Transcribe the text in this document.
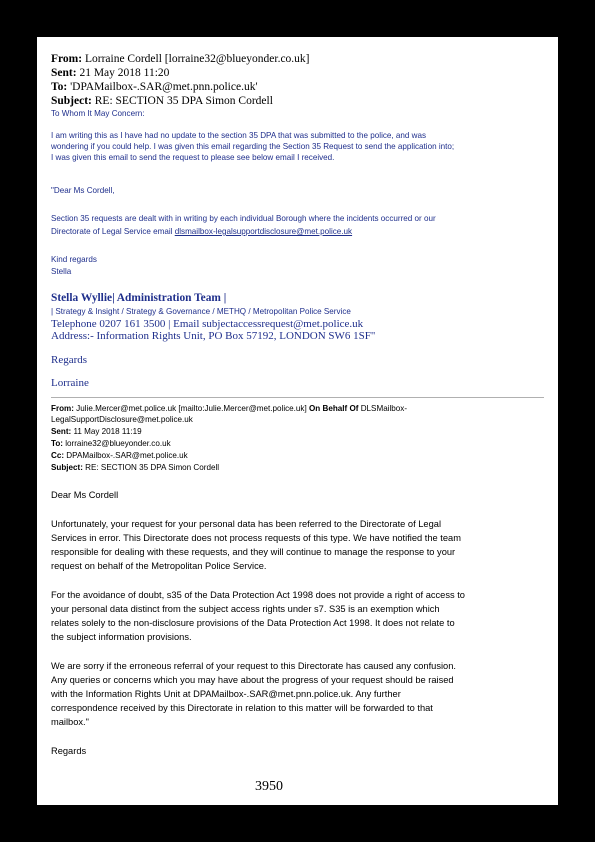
From: Lorraine Cordell [lorraine32@blueyonder.co.uk]
Sent: 21 May 2018 11:20
To: 'DPAMailbox-.SAR@met.pnn.police.uk'
Subject: RE: SECTION 35 DPA Simon Cordell
To Whom It May Concern:
I am writing this as I have had no update to the section 35 DPA that was submitted to the police, and was
wondering if you could help. I was given this email regarding the Section 35 Request to send the application into;
I was given this email to send the request to please see below email I received.
"Dear Ms Cordell,
Section 35 requests are dealt with in writing by each individual Borough where the incidents occurred or our
Directorate of Legal Service email dlsmailbox-legalsupportdisclosure@met.police.uk
Kind regards
Stella
Stella Wyllie| Administration Team |
| Strategy & Insight / Strategy & Governance / METHQ / Metropolitan Police Service
Telephone 0207 161 3500 | Email subjectaccessrequest@met.police.uk
Address:- Information Rights Unit, PO Box 57192, LONDON SW6 1SF"
Regards
Lorraine
From: Julie.Mercer@met.police.uk [mailto:Julie.Mercer@met.police.uk] On Behalf Of DLSMailbox-
LegalSupportDisclosure@met.police.uk
Sent: 11 May 2018 11:19
To: lorraine32@blueyonder.co.uk
Cc: DPAMailbox-.SAR@met.police.uk
Subject: RE: SECTION 35 DPA Simon Cordell
Dear Ms Cordell
Unfortunately, your request for your personal data has been referred to the Directorate of Legal
Services in error. This Directorate does not process requests of this type. We have notified the team
responsible for dealing with these requests, and they will continue to manage the response to your
request on behalf of the Metropolitan Police Service.
For the avoidance of doubt, s35 of the Data Protection Act 1998 does not provide a right of access to
your personal data distinct from the subject access rights under s7. S35 is an exemption which
relates solely to the non-disclosure provisions of the Data Protection Act 1998. It does not relate to
the subject information provisions.
We are sorry if the erroneous referral of your request to this Directorate has caused any confusion.
Any queries or concerns which you may have about the progress of your request should be raised
with the Information Rights Unit at DPAMailbox-.SAR@met.pnn.police.uk. Any further
correspondence received by this Directorate in relation to this matter will be forwarded to that
mailbox."
Regards
3950
